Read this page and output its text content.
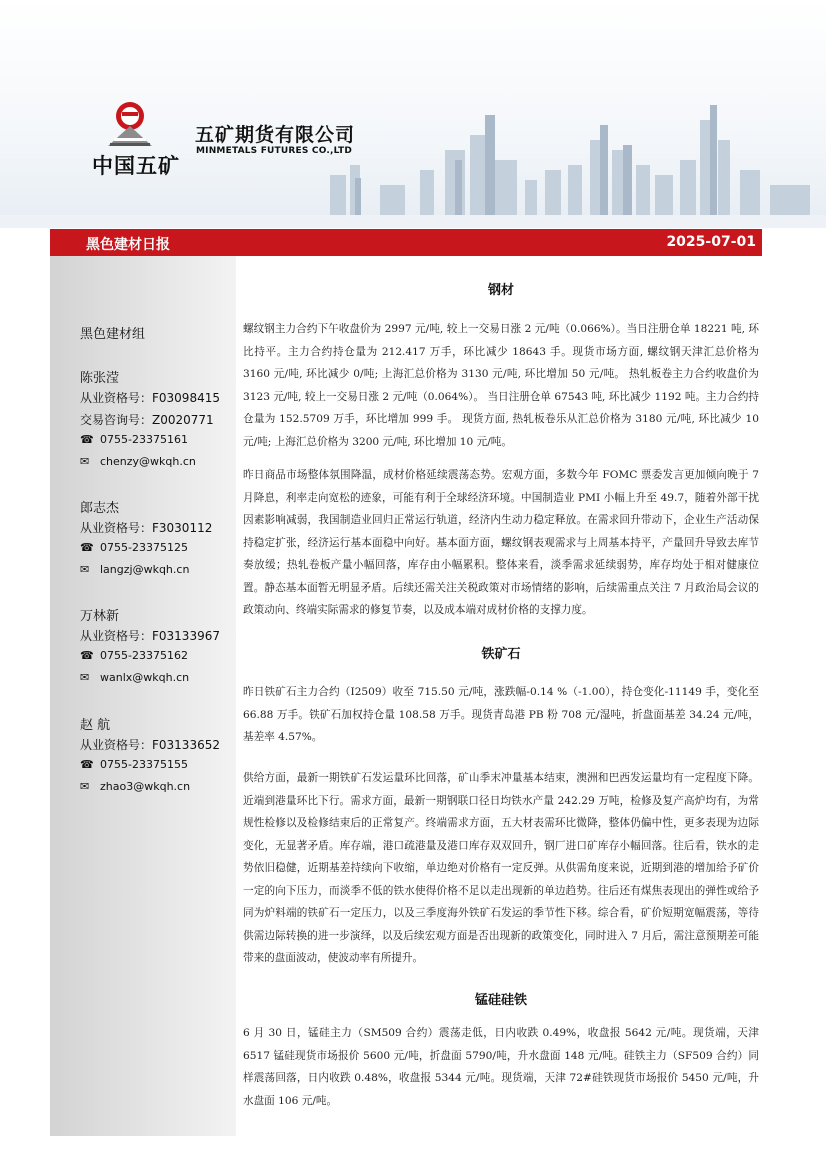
中国五矿
五矿期货有限公司
MINMETALS FUTURES CO.,LTD
黑色建材日报	2025-07-01
黑色建材组
陈张滢
从业资格号：F03098415
交易咨询号：Z0020771
☎ 0755-23375161
✉ chenzy@wkqh.cn
郎志杰
从业资格号：F3030112
☎ 0755-23375125
✉ langzj@wkqh.cn
万林新
从业资格号：F03133967
☎ 0755-23375162
✉ wanlx@wkqh.cn
赵 航
从业资格号：F03133652
☎ 0755-23375155
✉ zhao3@wkqh.cn
钢材
螺纹钢主力合约下午收盘价为 2997 元/吨, 较上一交易日涨 2 元/吨（0.066%）。当日注册仓单 18221 吨, 环比持平。主力合约持仓量为 212.417 万手，环比减少 18643 手。现货市场方面, 螺纹钢天津汇总价格为 3160 元/吨, 环比减少 0/吨; 上海汇总价格为 3130 元/吨, 环比增加 50 元/吨。 热轧板卷主力合约收盘价为 3123 元/吨, 较上一交易日涨 2 元/吨（0.064%）。 当日注册仓单 67543 吨, 环比减少 1192 吨。主力合约持仓量为 152.5709 万手，环比增加 999 手。 现货方面, 热轧板卷乐从汇总价格为 3180 元/吨, 环比减少 10 元/吨; 上海汇总价格为 3200 元/吨, 环比增加 10 元/吨。
昨日商品市场整体氛围降温，成材价格延续震荡态势。宏观方面，多数今年 FOMC 票委发言更加倾向晚于 7 月降息，利率走向宽松的迹象，可能有利于全球经济环境。中国制造业 PMI 小幅上升至 49.7，随着外部干扰因素影响减弱，我国制造业回归正常运行轨道，经济内生动力稳定释放。在需求回升带动下，企业生产活动保持稳定扩张，经济运行基本面稳中向好。基本面方面，螺纹钢表观需求与上周基本持平，产量回升导致去库节奏放缓；热轧卷板产量小幅回落，库存由小幅累积。整体来看，淡季需求延续弱势，库存均处于相对健康位置。静态基本面暂无明显矛盾。后续还需关注关税政策对市场情绪的影响，后续需重点关注 7 月政治局会议的政策动向、终端实际需求的修复节奏，以及成本端对成材价格的支撑力度。
铁矿石
昨日铁矿石主力合约（I2509）收至 715.50 元/吨，涨跌幅-0.14 %（-1.00），持仓变化-11149 手，变化至 66.88 万手。铁矿石加权持仓量 108.58 万手。现货青岛港 PB 粉 708 元/湿吨，折盘面基差 34.24 元/吨，基差率 4.57%。
供给方面，最新一期铁矿石发运量环比回落，矿山季末冲量基本结束，澳洲和巴西发运量均有一定程度下降。近端到港量环比下行。需求方面，最新一期钢联口径日均铁水产量 242.29 万吨，检修及复产高炉均有，为常规性检修以及检修结束后的正常复产。终端需求方面，五大材表需环比微降，整体仍偏中性，更多表现为边际变化，无显著矛盾。库存端，港口疏港量及港口库存双双回升，钢厂进口矿库存小幅回落。往后看，铁水的走势依旧稳健，近期基差持续向下收缩，单边绝对价格有一定反弹。从供需角度来说，近期到港的增加给予矿价一定的向下压力，而淡季不低的铁水使得价格不足以走出现新的单边趋势。往后还有煤焦表现出的弹性或给予同为炉料端的铁矿石一定压力，以及三季度海外铁矿石发运的季节性下移。综合看，矿价短期宽幅震荡，等待供需边际转换的进一步演绎，以及后续宏观方面是否出现新的政策变化，同时进入 7 月后，需注意预期差可能带来的盘面波动，使波动率有所提升。
锰硅硅铁
6 月 30 日，锰硅主力（SM509 合约）震荡走低，日内收跌 0.49%，收盘报 5642 元/吨。现货端，天津 6517 锰硅现货市场报价 5600 元/吨，折盘面 5790/吨，升水盘面 148 元/吨。硅铁主力（SF509 合约）同样震荡回落，日内收跌 0.48%，收盘报 5344 元/吨。现货端，天津 72#硅铁现货市场报价 5450 元/吨，升水盘面 106 元/吨。
